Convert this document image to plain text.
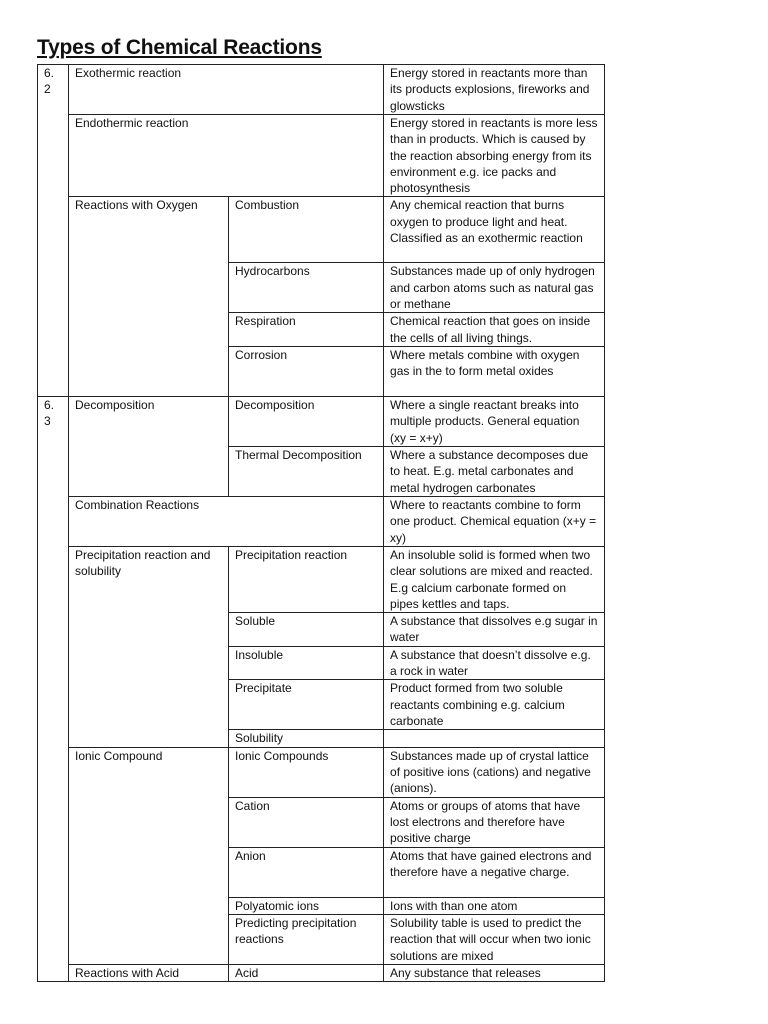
Types of Chemical Reactions
6.
2	Exothermic reaction		Energy stored in reactants more than its products explosions, fireworks and glowsticks
	Endothermic reaction		Energy stored in reactants is more less than in products. Which is caused by the reaction absorbing energy from its environment e.g. ice packs and photosynthesis
	Reactions with Oxygen	Combustion	Any chemical reaction that burns oxygen to produce light and heat. Classified as an exothermic reaction
		Hydrocarbons	Substances made up of only hydrogen and carbon atoms such as natural gas or methane
		Respiration	Chemical reaction that goes on inside the cells of all living things.
		Corrosion	Where metals combine with oxygen gas in the to form metal oxides
6.
3	Decomposition	Decomposition	Where a single reactant breaks into multiple products. General equation (xy = x+y)
		Thermal Decomposition	Where a substance decomposes due to heat. E.g. metal carbonates and metal hydrogen carbonates
	Combination Reactions		Where to reactants combine to form one product. Chemical equation (x+y = xy)
	Precipitation reaction and solubility	Precipitation reaction	An insoluble solid is formed when two clear solutions are mixed and reacted. E.g calcium carbonate formed on pipes kettles and taps.
		Soluble	A substance that dissolves e.g sugar in water
		Insoluble	A substance that doesn’t dissolve e.g. a rock in water
		Precipitate	Product formed from two soluble reactants combining e.g. calcium carbonate
		Solubility	
	Ionic Compound	Ionic Compounds	Substances made up of crystal lattice of positive ions (cations) and negative (anions).
		Cation	Atoms or groups of atoms that have lost electrons and therefore have positive charge
		Anion	Atoms that have gained electrons and therefore have a negative charge.
		Polyatomic ions	Ions with than one atom
		Predicting precipitation reactions	Solubility table is used to predict the reaction that will occur when two ionic solutions are mixed
	Reactions with Acid	Acid	Any substance that releases
